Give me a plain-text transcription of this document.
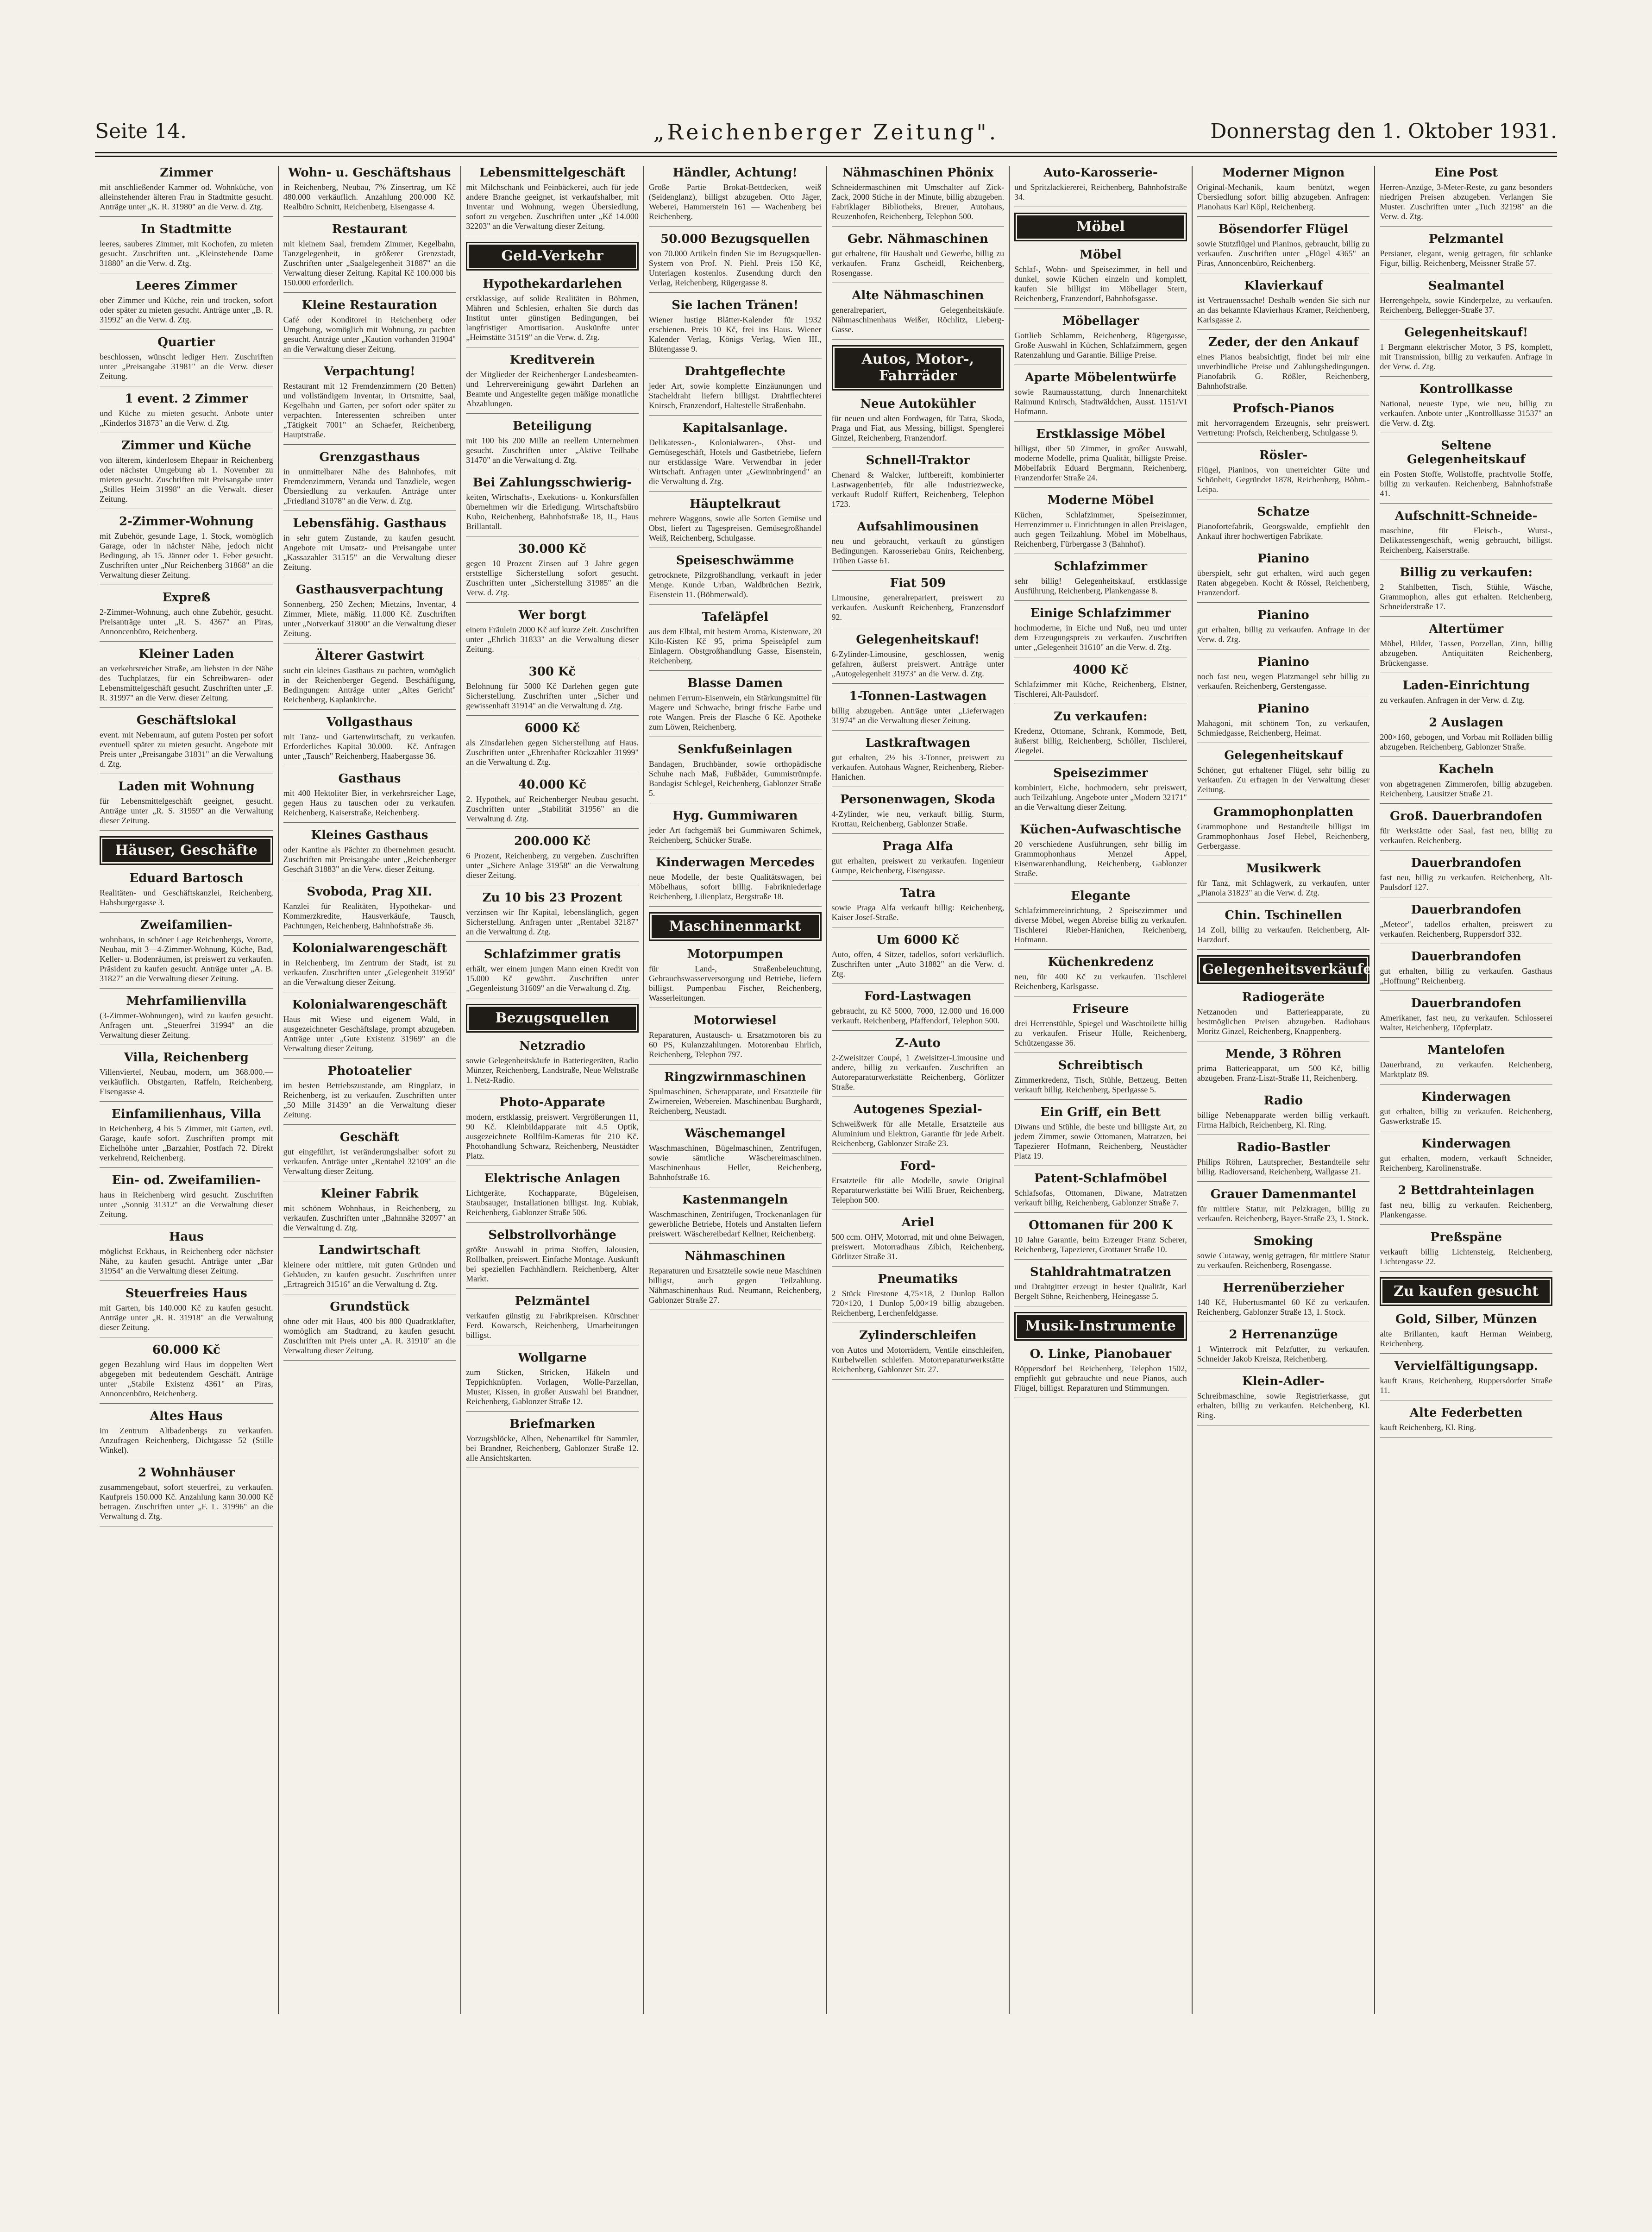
Seite 14.	„Reichenberger Zeitung".	Donnerstag den 1. Oktober 1931.
Zimmer
mit anschließender Kammer od. Wohnküche, von alleinstehender älteren Frau in Stadtmitte gesucht. Anträge unter „K. R. 31980" an die Verw. d. Ztg.
In Stadtmitte
leeres, sauberes Zimmer, mit Kochofen, zu mieten gesucht. Zuschriften unt. „Kleinstehende Dame 31880" an die Verw. d. Ztg.
Leeres Zimmer
ober Zimmer und Küche, rein und trocken, sofort oder später zu mieten gesucht. Anträge unter „B. R. 31992" an die Verw. d. Ztg.
Quartier
beschlossen, wünscht lediger Herr. Zuschriften unter „Preisangabe 31981" an die Verw. dieser Zeitung.
1 event. 2 Zimmer
und Küche zu mieten gesucht. Anbote unter „Kinderlos 31873" an die Verw. d. Ztg.
Zimmer und Küche
von älterem, kinderlosem Ehepaar in Reichenberg oder nächster Umgebung ab 1. November zu mieten gesucht. Zuschriften mit Preisangabe unter „Stilles Heim 31998" an die Verwalt. dieser Zeitung.
2-Zimmer-Wohnung
mit Zubehör, gesunde Lage, 1. Stock, womöglich Garage, oder in nächster Nähe, jedoch nicht Bedingung, ab 15. Jänner oder 1. Feber gesucht. Zuschriften unter „Nur Reichenberg 31868" an die Verwaltung dieser Zeitung.
Expreß
2-Zimmer-Wohnung, auch ohne Zubehör, gesucht. Preisanträge unter „R. S. 4367" an Piras, Annoncenbüro, Reichenberg.
Kleiner Laden
an verkehrsreicher Straße, am liebsten in der Nähe des Tuchplatzes, für ein Schreibwaren- oder Lebensmittelgeschäft gesucht. Zuschriften unter „F. R. 31997" an die Verw. dieser Zeitung.
Geschäftslokal
event. mit Nebenraum, auf gutem Posten per sofort eventuell später zu mieten gesucht. Angebote mit Preis unter „Preisangabe 31831" an die Verwaltung d. Ztg.
Laden mit Wohnung
für Lebensmittelgeschäft geeignet, gesucht. Anträge unter „R. S. 31959" an die Verwaltung dieser Zeitung.
Häuser, Geschäfte
Eduard Bartosch
Realitäten- und Geschäftskanzlei, Reichenberg, Habsburgergasse 3.
Zweifamilien-
wohnhaus, in schöner Lage Reichenbergs, Vororte, Neubau, mit 3—4-Zimmer-Wohnung, Küche, Bad, Keller- u. Bodenräumen, ist preiswert zu verkaufen. Präsident zu kaufen gesucht. Anträge unter „A. B. 31827" an die Verwaltung dieser Zeitung.
Mehrfamilienvilla
(3-Zimmer-Wohnungen), wird zu kaufen gesucht. Anfragen unt. „Steuerfrei 31994" an die Verwaltung dieser Zeitung.
Villa, Reichenberg
Villenviertel, Neubau, modern, um 368.000.— verkäuflich. Obstgarten, Raffeln, Reichenberg, Eisengasse 4.
Einfamilienhaus, Villa
in Reichenberg, 4 bis 5 Zimmer, mit Garten, evtl. Garage, kaufe sofort. Zuschriften prompt mit Eichelhöhe unter „Barzahler, Postfach 72. Direkt verkehrend, Reichenberg.
Ein- od. Zweifamilien-
haus in Reichenberg wird gesucht. Zuschriften unter „Sonnig 31312" an die Verwaltung dieser Zeitung.
Haus
möglichst Eckhaus, in Reichenberg oder nächster Nähe, zu kaufen gesucht. Anträge unter „Bar 31954" an die Verwaltung dieser Zeitung.
Steuerfreies Haus
mit Garten, bis 140.000 Kč zu kaufen gesucht. Anträge unter „R. R. 31918" an die Verwaltung dieser Zeitung.
60.000 Kč
gegen Bezahlung wird Haus im doppelten Wert abgegeben mit bedeutendem Geschäft. Anträge unter „Stabile Existenz 4361" an Piras, Annoncenbüro, Reichenberg.
Altes Haus
im Zentrum Altbadenbergs zu verkaufen. Anzufragen Reichenberg, Dichtgasse 52 (Stille Winkel).
2 Wohnhäuser
zusammengebaut, sofort steuerfrei, zu verkaufen. Kaufpreis 150.000 Kč. Anzahlung kann 30.000 Kč betragen. Zuschriften unter „F. L. 31996" an die Verwaltung d. Ztg.
Wohn- u. Geschäftshaus
in Reichenberg, Neubau, 7% Zinsertrag, um Kč 480.000 verkäuflich. Anzahlung 200.000 Kč. Realbüro Schnitt, Reichenberg, Eisengasse 4.
Restaurant
mit kleinem Saal, fremdem Zimmer, Kegelbahn, Tanzgelegenheit, in größerer Grenzstadt, Zuschriften unter „Saalgelegenheit 31887" an die Verwaltung dieser Zeitung. Kapital Kč 100.000 bis 150.000 erforderlich.
Kleine Restauration
Café oder Konditorei in Reichenberg oder Umgebung, womöglich mit Wohnung, zu pachten gesucht. Anträge unter „Kaution vorhanden 31904" an die Verwaltung dieser Zeitung.
Verpachtung!
Restaurant mit 12 Fremdenzimmern (20 Betten) und vollständigem Inventar, in Ortsmitte, Saal, Kegelbahn und Garten, per sofort oder später zu verpachten. Interessenten schreiben unter „Tätigkeit 7001" an Schaefer, Reichenberg, Hauptstraße.
Grenzgasthaus
in unmittelbarer Nähe des Bahnhofes, mit Fremdenzimmern, Veranda und Tanzdiele, wegen Übersiedlung zu verkaufen. Anträge unter „Friedland 31078" an die Verw. d. Ztg.
Lebensfähig. Gasthaus
in sehr gutem Zustande, zu kaufen gesucht. Angebote mit Umsatz- und Preisangabe unter „Kassazahler 31515" an die Verwaltung dieser Zeitung.
Gasthausverpachtung
Sonnenberg, 250 Zechen; Mietzins, Inventar, 4 Zimmer, Miete, mäßig. 11.000 Kč. Zuschriften unter „Notverkauf 31800" an die Verwaltung dieser Zeitung.
Älterer Gastwirt
sucht ein kleines Gasthaus zu pachten, womöglich in der Reichenberger Gegend. Beschäftigung, Bedingungen: Anträge unter „Altes Gericht" Reichenberg, Kaplankirche.
Vollgasthaus
mit Tanz- und Gartenwirtschaft, zu verkaufen. Erforderliches Kapital 30.000.— Kč. Anfragen unter „Tausch" Reichenberg, Haabergasse 36.
Gasthaus
mit 400 Hektoliter Bier, in verkehrsreicher Lage, gegen Haus zu tauschen oder zu verkaufen. Reichenberg, Kaiserstraße, Reichenberg.
Kleines Gasthaus
oder Kantine als Pächter zu übernehmen gesucht. Zuschriften mit Preisangabe unter „Reichenberger Geschäft 31883" an die Verw. dieser Zeitung.
Svoboda, Prag XII.
Kanzlei für Realitäten, Hypothekar- und Kommerzkredite, Hausverkäufe, Tausch, Pachtungen, Reichenberg, Bahnhofstraße 36.
Kolonialwarengeschäft
in Reichenberg, im Zentrum der Stadt, ist zu verkaufen. Zuschriften unter „Gelegenheit 31950" an die Verwaltung dieser Zeitung.
Kolonialwarengeschäft
Haus mit Wiese und eigenem Wald, in ausgezeichneter Geschäftslage, prompt abzugeben. Anträge unter „Gute Existenz 31969" an die Verwaltung dieser Zeitung.
Photoatelier
im besten Betriebszustande, am Ringplatz, in Reichenberg, ist zu verkaufen. Zuschriften unter „50 Mille 31439" an die Verwaltung dieser Zeitung.
Geschäft
gut eingeführt, ist veränderungshalber sofort zu verkaufen. Anträge unter „Rentabel 32109" an die Verwaltung dieser Zeitung.
Kleiner Fabrik
mit schönem Wohnhaus, in Reichenberg, zu verkaufen. Zuschriften unter „Bahnnähe 32097" an die Verwaltung d. Ztg.
Landwirtschaft
kleinere oder mittlere, mit guten Gründen und Gebäuden, zu kaufen gesucht. Zuschriften unter „Ertragreich 31516" an die Verwaltung d. Ztg.
Grundstück
ohne oder mit Haus, 400 bis 800 Quadratklafter, womöglich am Stadtrand, zu kaufen gesucht. Zuschriften mit Preis unter „A. R. 31910" an die Verwaltung dieser Zeitung.
Lebensmittelgeschäft
mit Milchschank und Feinbäckerei, auch für jede andere Branche geeignet, ist verkaufshalber, mit Inventar und Wohnung, wegen Übersiedlung, sofort zu vergeben. Zuschriften unter „Kč 14.000 32203" an die Verwaltung dieser Zeitung.
Geld-Verkehr
Hypothekardarlehen
erstklassige, auf solide Realitäten in Böhmen, Mähren und Schlesien, erhalten Sie durch das Institut unter günstigen Bedingungen, bei langfristiger Amortisation. Auskünfte unter „Heimstätte 31519" an die Verw. d. Ztg.
Kreditverein
der Mitglieder der Reichenberger Landesbeamten- und Lehrervereinigung gewährt Darlehen an Beamte und Angestellte gegen mäßige monatliche Abzahlungen.
Beteiligung
mit 100 bis 200 Mille an reellem Unternehmen gesucht. Zuschriften unter „Aktive Teilhabe 31470" an die Verwaltung d. Ztg.
Bei Zahlungsschwierig-
keiten, Wirtschafts-, Exekutions- u. Konkursfällen übernehmen wir die Erledigung. Wirtschaftsbüro Kubo, Reichenberg, Bahnhofstraße 18, II., Haus Brillantall.
30.000 Kč
gegen 10 Prozent Zinsen auf 3 Jahre gegen erststellige Sicherstellung sofort gesucht. Zuschriften unter „Sicherstellung 31985" an die Verw. d. Ztg.
Wer borgt
einem Fräulein 2000 Kč auf kurze Zeit. Zuschriften unter „Ehrlich 31833" an die Verwaltung dieser Zeitung.
300 Kč
Belohnung für 5000 Kč Darlehen gegen gute Sicherstellung. Zuschriften unter „Sicher und gewissenhaft 31914" an die Verwaltung d. Ztg.
6000 Kč
als Zinsdarlehen gegen Sicherstellung auf Haus. Zuschriften unter „Ehrenhafter Rückzahler 31999" an die Verwaltung d. Ztg.
40.000 Kč
2. Hypothek, auf Reichenberger Neubau gesucht. Zuschriften unter „Stabilität 31956" an die Verwaltung d. Ztg.
200.000 Kč
6 Prozent, Reichenberg, zu vergeben. Zuschriften unter „Sichere Anlage 31958" an die Verwaltung dieser Zeitung.
Zu 10 bis 23 Prozent
verzinsen wir Ihr Kapital, lebenslänglich, gegen Sicherstellung. Anfragen unter „Rentabel 32187" an die Verwaltung d. Ztg.
Schlafzimmer gratis
erhält, wer einem jungen Mann einen Kredit von 15.000 Kč gewährt. Zuschriften unter „Gegenleistung 31609" an die Verwaltung d. Ztg.
Bezugsquellen
Netzradio
sowie Gelegenheitskäufe in Batteriegeräten, Radio Münzer, Reichenberg, Landstraße, Neue Weltstraße 1. Netz-Radio.
Photo-Apparate
modern, erstklassig, preiswert. Vergrößerungen 11, 90 Kč. Kleinbildapparate mit 4.5 Optik, ausgezeichnete Rollfilm-Kameras für 210 Kč. Photohandlung Schwarz, Reichenberg, Neustädter Platz.
Elektrische Anlagen
Lichtgeräte, Kochapparate, Bügeleisen, Staubsauger, Installationen billigst. Ing. Kubiak, Reichenberg, Gablonzer Straße 506.
Selbstrollvorhänge
größte Auswahl in prima Stoffen, Jalousien, Rollbalken, preiswert. Einfache Montage. Auskunft bei speziellen Fachhändlern. Reichenberg, Alter Markt.
Pelzmäntel
verkaufen günstig zu Fabrikpreisen. Kürschner Ferd. Kowarsch, Reichenberg, Umarbeitungen billigst.
Wollgarne
zum Sticken, Stricken, Häkeln und Teppichknüpfen. Vorlagen, Wolle-Parzellan, Muster, Kissen, in großer Auswahl bei Brandner, Reichenberg, Gablonzer Straße 12.
Briefmarken
Vorzugsblöcke, Alben, Nebenartikel für Sammler, bei Brandner, Reichenberg, Gablonzer Straße 12. alle Ansichtskarten.
Händler, Achtung!
Große Partie Brokat-Bettdecken, weiß (Seidenglanz), billigst abzugeben. Otto Jäger, Weberei, Hammerstein 161 — Wachenberg bei Reichenberg.
50.000 Bezugsquellen
von 70.000 Artikeln finden Sie im Bezugsquellen-System von Prof. N. Piehl. Preis 150 Kč, Unterlagen kostenlos. Zusendung durch den Verlag, Reichenberg, Rügergasse 8.
Sie lachen Tränen!
Wiener lustige Blätter-Kalender für 1932 erschienen. Preis 10 Kč, frei ins Haus. Wiener Kalender Verlag, Königs Verlag, Wien III., Blütengasse 9.
Drahtgeflechte
jeder Art, sowie komplette Einzäunungen und Stacheldraht liefern billigst. Drahtflechterei Knirsch, Franzendorf, Haltestelle Straßenbahn.
Kapitalsanlage.
Delikatessen-, Kolonialwaren-, Obst- und Gemüsegeschäft, Hotels und Gastbetriebe, liefern nur erstklassige Ware. Verwendbar in jeder Wirtschaft. Anfragen unter „Gewinnbringend" an die Verwaltung d. Ztg.
Häuptelkraut
mehrere Waggons, sowie alle Sorten Gemüse und Obst, liefert zu Tagespreisen. Gemüsegroßhandel Weiß, Reichenberg, Schulgasse.
Speiseschwämme
getrocknete, Pilzgroßhandlung, verkauft in jeder Menge. Kunde Urban, Waldbrüchen Bezirk, Eisenstein 11. (Böhmerwald).
Tafeläpfel
aus dem Elbtal, mit bestem Aroma, Kistenware, 20 Kilo-Kisten Kč 95, prima Speiseäpfel zum Einlagern. Obstgroßhandlung Gasse, Eisenstein, Reichenberg.
Blasse Damen
nehmen Ferrum-Eisenwein, ein Stärkungsmittel für Magere und Schwache, bringt frische Farbe und rote Wangen. Preis der Flasche 6 Kč. Apotheke zum Löwen, Reichenberg.
Senkfußeinlagen
Bandagen, Bruchbänder, sowie orthopädische Schuhe nach Maß, Fußbäder, Gummistrümpfe. Bandagist Schlegel, Reichenberg, Gablonzer Straße 5.
Hyg. Gummiwaren
jeder Art fachgemäß bei Gummiwaren Schimek, Reichenberg, Schücker Straße.
Kinderwagen Mercedes
neue Modelle, der beste Qualitätswagen, bei Möbelhaus, sofort billig. Fabrikniederlage Reichenberg, Lilienplatz, Bergstraße 18.
Maschinenmarkt
Motorpumpen
für Land-, Straßenbeleuchtung, Gebrauchswasserversorgung und Betriebe, liefern billigst. Pumpenbau Fischer, Reichenberg, Wasserleitungen.
Motorwiesel
Reparaturen, Austausch- u. Ersatzmotoren bis zu 60 PS, Kulanzzahlungen. Motorenbau Ehrlich, Reichenberg, Telephon 797.
Ringzwirnmaschinen
Spulmaschinen, Scherapparate, und Ersatzteile für Zwirnereien, Webereien. Maschinenbau Burghardt, Reichenberg, Neustadt.
Wäschemangel
Waschmaschinen, Bügelmaschinen, Zentrifugen, sowie sämtliche Wäschereimaschinen. Maschinenhaus Heller, Reichenberg, Bahnhofstraße 16.
Kastenmangeln
Waschmaschinen, Zentrifugen, Trockenanlagen für gewerbliche Betriebe, Hotels und Anstalten liefern preiswert. Wäschereibedarf Kellner, Reichenberg.
Nähmaschinen
Reparaturen und Ersatzteile sowie neue Maschinen billigst, auch gegen Teilzahlung. Nähmaschinenhaus Rud. Neumann, Reichenberg, Gablonzer Straße 27.
Nähmaschinen Phönix
Schneidermaschinen mit Umschalter auf Zick-Zack, 2000 Stiche in der Minute, billig abzugeben. Fabriklager Bibliotheks, Breuer, Autohaus, Reuzenhofen, Reichenberg, Telephon 500.
Gebr. Nähmaschinen
gut erhaltene, für Haushalt und Gewerbe, billig zu verkaufen. Franz Gscheidl, Reichenberg, Rosengasse.
Alte Nähmaschinen
generalrepariert, Gelegenheitskäufe. Nähmaschinenhaus Weißer, Röchlitz, Lieberg-Gasse.
Autos, Motor-, Fahrräder
Neue Autokühler
für neuen und alten Fordwagen, für Tatra, Skoda, Praga und Fiat, aus Messing, billigst. Spenglerei Ginzel, Reichenberg, Franzendorf.
Schnell-Traktor
Chenard & Walcker, luftbereift, kombinierter Lastwagenbetrieb, für alle Industriezwecke, verkauft Rudolf Rüffert, Reichenberg, Telephon 1723.
Aufsahlimousinen
neu und gebraucht, verkauft zu günstigen Bedingungen. Karosseriebau Gnirs, Reichenberg, Trüben Gasse 61.
Fiat 509
Limousine, generalrepariert, preiswert zu verkaufen. Auskunft Reichenberg, Franzensdorf 92.
Gelegenheitskauf!
6-Zylinder-Limousine, geschlossen, wenig gefahren, äußerst preiswert. Anträge unter „Autogelegenheit 31973" an die Verw. d. Ztg.
1-Tonnen-Lastwagen
billig abzugeben. Anträge unter „Lieferwagen 31974" an die Verwaltung dieser Zeitung.
Lastkraftwagen
gut erhalten, 2½ bis 3-Tonner, preiswert zu verkaufen. Autohaus Wagner, Reichenberg, Rieber-Hanichen.
Personenwagen, Skoda
4-Zylinder, wie neu, verkauft billig. Sturm, Krottau, Reichenberg, Gablonzer Straße.
Praga Alfa
gut erhalten, preiswert zu verkaufen. Ingenieur Gumpe, Reichenberg, Eisengasse.
Tatra
sowie Praga Alfa verkauft billig: Reichenberg, Kaiser Josef-Straße.
Um 6000 Kč
Auto, offen, 4 Sitzer, tadellos, sofort verkäuflich. Zuschriften unter „Auto 31882" an die Verw. d. Ztg.
Ford-Lastwagen
gebraucht, zu Kč 5000, 7000, 12.000 und 16.000 verkauft. Reichenberg, Pfaffendorf, Telephon 500.
Z-Auto
2-Zweisitzer Coupé, 1 Zweisitzer-Limousine und andere, billig zu verkaufen. Zuschriften an Autoreparaturwerkstätte Reichenberg, Görlitzer Straße.
Autogenes Spezial-
Schweißwerk für alle Metalle, Ersatzteile aus Aluminium und Elektron, Garantie für jede Arbeit. Reichenberg, Gablonzer Straße 23.
Ford-
Ersatzteile für alle Modelle, sowie Original Reparaturwerkstätte bei Willi Bruer, Reichenberg, Telephon 500.
Ariel
500 ccm. OHV, Motorrad, mit und ohne Beiwagen, preiswert. Motorradhaus Zibich, Reichenberg, Görlitzer Straße 31.
Pneumatiks
2 Stück Firestone 4,75×18, 2 Dunlop Ballon 720×120, 1 Dunlop 5,00×19 billig abzugeben. Reichenberg, Lerchenfeldgasse.
Zylinderschleifen
von Autos und Motorrädern, Ventile einschleifen, Kurbelwellen schleifen. Motorreparaturwerkstätte Reichenberg, Gablonzer Str. 27.
Auto-Karosserie-
und Spritzlackiererei, Reichenberg, Bahnhofstraße 34.
Möbel
Möbel
Schlaf-, Wohn- und Speisezimmer, in hell und dunkel, sowie Küchen einzeln und komplett, kaufen Sie billigst im Möbellager Stern, Reichenberg, Franzendorf, Bahnhofsgasse.
Möbellager
Gottlieb Schlamm, Reichenberg, Rügergasse, Große Auswahl in Küchen, Schlafzimmern, gegen Ratenzahlung und Garantie. Billige Preise.
Aparte Möbelentwürfe
sowie Raumausstattung, durch Innenarchitekt Raimund Knirsch, Stadtwäldchen, Ausst. 1151/VI Hofmann.
Erstklassige Möbel
billigst, über 50 Zimmer, in großer Auswahl, moderne Modelle, prima Qualität, billigste Preise. Möbelfabrik Eduard Bergmann, Reichenberg, Franzendorfer Straße 24.
Moderne Möbel
Küchen, Schlafzimmer, Speisezimmer, Herrenzimmer u. Einrichtungen in allen Preislagen, auch gegen Teilzahlung. Möbel im Möbelhaus, Reichenberg, Fürbergasse 3 (Bahnhof).
Schlafzimmer
sehr billig! Gelegenheitskauf, erstklassige Ausführung, Reichenberg, Plankengasse 8.
Einige Schlafzimmer
hochmoderne, in Eiche und Nuß, neu und unter dem Erzeugungspreis zu verkaufen. Zuschriften unter „Gelegenheit 31610" an die Verw. d. Ztg.
4000 Kč
Schlafzimmer mit Küche, Reichenberg, Elstner, Tischlerei, Alt-Paulsdorf.
Zu verkaufen:
Kredenz, Ottomane, Schrank, Kommode, Bett, äußerst billig, Reichenberg, Schöller, Tischlerei, Ziegelei.
Speisezimmer
kombiniert, Eiche, hochmodern, sehr preiswert, auch Teilzahlung. Angebote unter „Modern 32171" an die Verwaltung dieser Zeitung.
Küchen-Aufwaschtische
20 verschiedene Ausführungen, sehr billig im Grammophonhaus Menzel Appel, Eisenwarenhandlung, Reichenberg, Gablonzer Straße.
Elegante
Schlafzimmereinrichtung, 2 Speisezimmer und diverse Möbel, wegen Abreise billig zu verkaufen. Tischlerei Rieber-Hanichen, Reichenberg, Hofmann.
Küchenkredenz
neu, für 400 Kč zu verkaufen. Tischlerei Reichenberg, Karlsgasse.
Friseure
drei Herrenstühle, Spiegel und Waschtoilette billig zu verkaufen. Friseur Hülle, Reichenberg, Schützengasse 36.
Schreibtisch
Zimmerkredenz, Tisch, Stühle, Bettzeug, Betten verkauft billig. Reichenberg, Sperlgasse 5.
Ein Griff, ein Bett
Diwans und Stühle, die beste und billigste Art, zu jedem Zimmer, sowie Ottomanen, Matratzen, bei Tapezierer Hofmann, Reichenberg, Neustädter Platz 19.
Patent-Schlafmöbel
Schlafsofas, Ottomanen, Diwane, Matratzen verkauft billig, Reichenberg, Gablonzer Straße 7.
Ottomanen für 200 K
10 Jahre Garantie, beim Erzeuger Franz Scherer, Reichenberg, Tapezierer, Grottauer Straße 10.
Stahldrahtmatratzen
und Drahtgitter erzeugt in bester Qualität, Karl Bergelt Söhne, Reichenberg, Heinegasse 5.
Musik-Instrumente
O. Linke, Pianobauer
Röppersdorf bei Reichenberg, Telephon 1502, empfiehlt gut gebrauchte und neue Pianos, auch Flügel, billigst. Reparaturen und Stimmungen.
Moderner Mignon
Original-Mechanik, kaum benützt, wegen Übersiedlung sofort billig abzugeben. Anfragen: Pianohaus Karl Köpl, Reichenberg.
Bösendorfer Flügel
sowie Stutzflügel und Pianinos, gebraucht, billig zu verkaufen. Zuschriften unter „Flügel 4365" an Piras, Annoncenbüro, Reichenberg.
Klavierkauf
ist Vertrauenssache! Deshalb wenden Sie sich nur an das bekannte Klavierhaus Kramer, Reichenberg, Karlsgasse 2.
Zeder, der den Ankauf
eines Pianos beabsichtigt, findet bei mir eine unverbindliche Preise und Zahlungsbedingungen. Pianofabrik G. Rößler, Reichenberg, Bahnhofstraße.
Profsch-Pianos
mit hervorragendem Erzeugnis, sehr preiswert. Vertretung: Profsch, Reichenberg, Schulgasse 9.
Rösler-
Flügel, Pianinos, von unerreichter Güte und Schönheit, Gegründet 1878, Reichenberg, Böhm.-Leipa.
Schatze
Pianofortefabrik, Georgswalde, empfiehlt den Ankauf ihrer hochwertigen Fabrikate.
Pianino
überspielt, sehr gut erhalten, wird auch gegen Raten abgegeben. Kocht & Rössel, Reichenberg, Franzendorf.
Pianino
gut erhalten, billig zu verkaufen. Anfrage in der Verw. d. Ztg.
Pianino
noch fast neu, wegen Platzmangel sehr billig zu verkaufen. Reichenberg, Gerstengasse.
Pianino
Mahagoni, mit schönem Ton, zu verkaufen, Schmiedgasse, Reichenberg, Heimat.
Gelegenheitskauf
Schöner, gut erhaltener Flügel, sehr billig zu verkaufen. Zu erfragen in der Verwaltung dieser Zeitung.
Grammophonplatten
Grammophone und Bestandteile billigst im Grammophonhaus Josef Hebel, Reichenberg, Gerbergasse.
Musikwerk
für Tanz, mit Schlagwerk, zu verkaufen, unter „Pianola 31823" an die Verw. d. Ztg.
Chin. Tschinellen
14 Zoll, billig zu verkaufen. Reichenberg, Alt-Harzdorf.
Gelegenheitsverkäufe
Radiogeräte
Netzanoden und Batterieapparate, zu bestmöglichen Preisen abzugeben. Radiohaus Moritz Ginzel, Reichenberg, Knappenberg.
Mende, 3 Röhren
prima Batterieapparat, um 500 Kč, billig abzugeben. Franz-Liszt-Straße 11, Reichenberg.
Radio
billige Nebenapparate werden billig verkauft. Firma Halbich, Reichenberg, Kl. Ring.
Radio-Bastler
Philips Röhren, Lautsprecher, Bestandteile sehr billig. Radioversand, Reichenberg, Wallgasse 21.
Grauer Damenmantel
für mittlere Statur, mit Pelzkragen, billig zu verkaufen. Reichenberg, Bayer-Straße 23, 1. Stock.
Smoking
sowie Cutaway, wenig getragen, für mittlere Statur zu verkaufen. Reichenberg, Rosengasse.
Herrenüberzieher
140 Kč, Hubertusmantel 60 Kč zu verkaufen. Reichenberg, Gablonzer Straße 13, 1. Stock.
2 Herrenanzüge
1 Winterrock mit Pelzfutter, zu verkaufen. Schneider Jakob Kreisza, Reichenberg.
Klein-Adler-
Schreibmaschine, sowie Registrierkasse, gut erhalten, billig zu verkaufen. Reichenberg, Kl. Ring.
Eine Post
Herren-Anzüge, 3-Meter-Reste, zu ganz besonders niedrigen Preisen abzugeben. Verlangen Sie Muster. Zuschriften unter „Tuch 32198" an die Verw. d. Ztg.
Pelzmantel
Persianer, elegant, wenig getragen, für schlanke Figur, billig. Reichenberg, Meissner Straße 57.
Sealmantel
Herrengehpelz, sowie Kinderpelze, zu verkaufen. Reichenberg, Bellegger-Straße 37.
Gelegenheitskauf!
1 Bergmann elektrischer Motor, 3 PS, komplett, mit Transmission, billig zu verkaufen. Anfrage in der Verw. d. Ztg.
Kontrollkasse
National, neueste Type, wie neu, billig zu verkaufen. Anbote unter „Kontrollkasse 31537" an die Verw. d. Ztg.
Seltene Gelegenheitskauf
ein Posten Stoffe, Wollstoffe, prachtvolle Stoffe, billig zu verkaufen. Reichenberg, Bahnhofstraße 41.
Aufschnitt-Schneide-
maschine, für Fleisch-, Wurst-, Delikatessengeschäft, wenig gebraucht, billigst. Reichenberg, Kaiserstraße.
Billig zu verkaufen:
2 Stahlbetten, Tisch, Stühle, Wäsche, Grammophon, alles gut erhalten. Reichenberg, Schneiderstraße 17.
Altertümer
Möbel, Bilder, Tassen, Porzellan, Zinn, billig abzugeben. Antiquitäten Reichenberg, Brückengasse.
Laden-Einrichtung
zu verkaufen. Anfragen in der Verw. d. Ztg.
2 Auslagen
200×160, gebogen, und Vorbau mit Rolläden billig abzugeben. Reichenberg, Gablonzer Straße.
Kacheln
von abgetragenen Zimmerofen, billig abzugeben. Reichenberg, Lausitzer Straße 21.
Groß. Dauerbrandofen
für Werkstätte oder Saal, fast neu, billig zu verkaufen. Reichenberg.
Dauerbrandofen
fast neu, billig zu verkaufen. Reichenberg, Alt-Paulsdorf 127.
Dauerbrandofen
„Meteor", tadellos erhalten, preiswert zu verkaufen. Reichenberg, Ruppersdorf 332.
Dauerbrandofen
gut erhalten, billig zu verkaufen. Gasthaus „Hoffnung" Reichenberg.
Dauerbrandofen
Amerikaner, fast neu, zu verkaufen. Schlosserei Walter, Reichenberg, Töpferplatz.
Mantelofen
Dauerbrand, zu verkaufen. Reichenberg, Marktplatz 89.
Kinderwagen
gut erhalten, billig zu verkaufen. Reichenberg, Gaswerkstraße 15.
Kinderwagen
gut erhalten, modern, verkauft Schneider, Reichenberg, Karolinenstraße.
2 Bettdrahteinlagen
fast neu, billig zu verkaufen. Reichenberg, Plankengasse.
Preßspäne
verkauft billig Lichtensteig, Reichenberg, Lichtengasse 22.
Zu kaufen gesucht
Gold, Silber, Münzen
alte Brillanten, kauft Herman Weinberg, Reichenberg.
Vervielfältigungsapp.
kauft Kraus, Reichenberg, Ruppersdorfer Straße 11.
Alte Federbetten
kauft Reichenberg, Kl. Ring.
